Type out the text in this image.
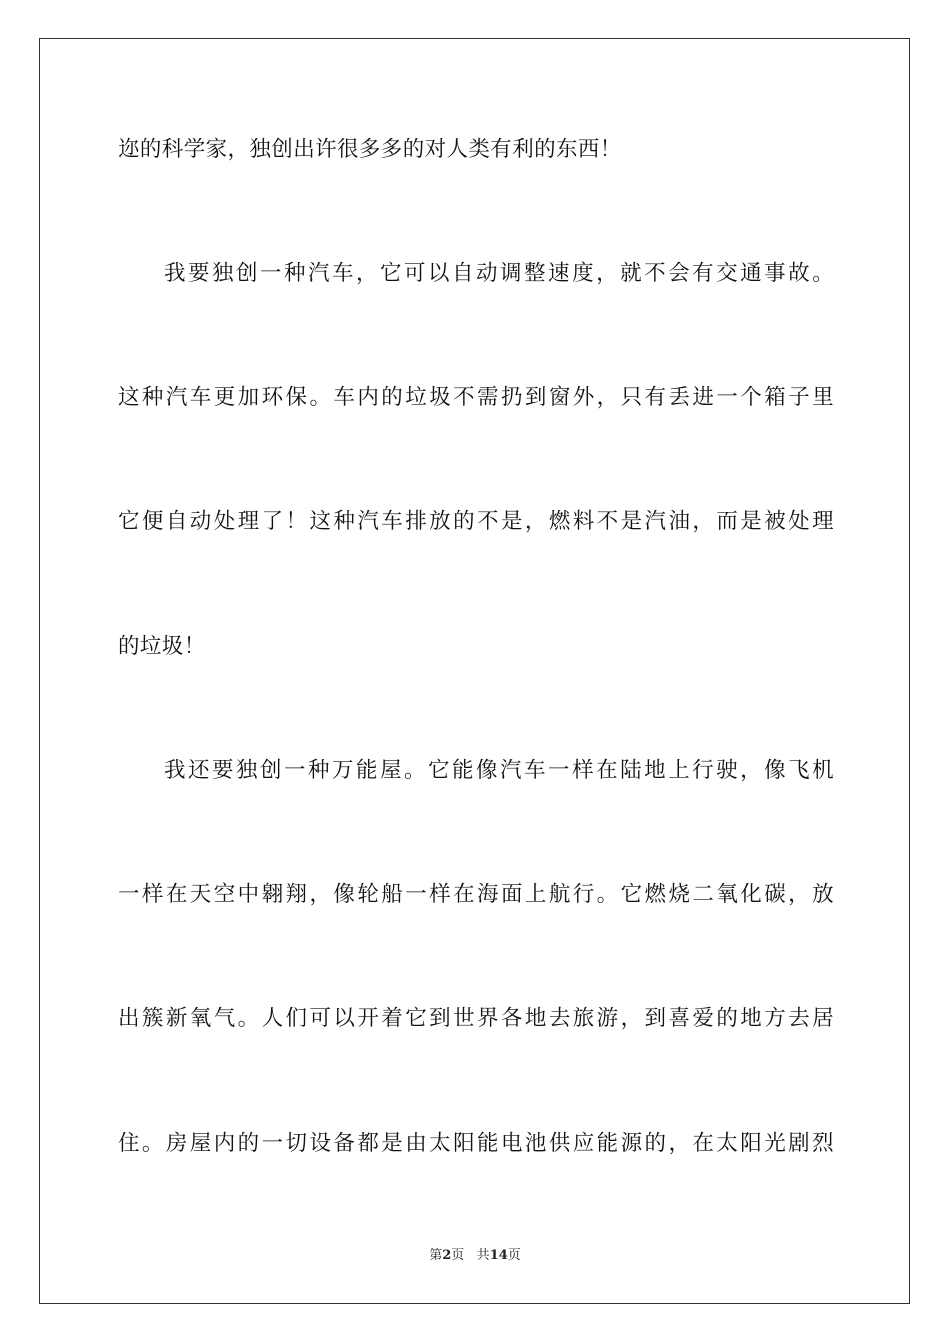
迩的科学家，独创出许很多多的对人类有利的东西！
我要独创一种汽车，它可以自动调整速度，就不会有交通事故。
这种汽车更加环保。车内的垃圾不需扔到窗外，只有丢进一个箱子里
它便自动处理了！这种汽车排放的不是，燃料不是汽油，而是被处理
的垃圾！
我还要独创一种万能屋。它能像汽车一样在陆地上行驶，像飞机
一样在天空中翱翔，像轮船一样在海面上航行。它燃烧二氧化碳，放
出簇新氧气。人们可以开着它到世界各地去旅游，到喜爱的地方去居
住。房屋内的一切设备都是由太阳能电池供应能源的，在太阳光剧烈
第2页 共14页
